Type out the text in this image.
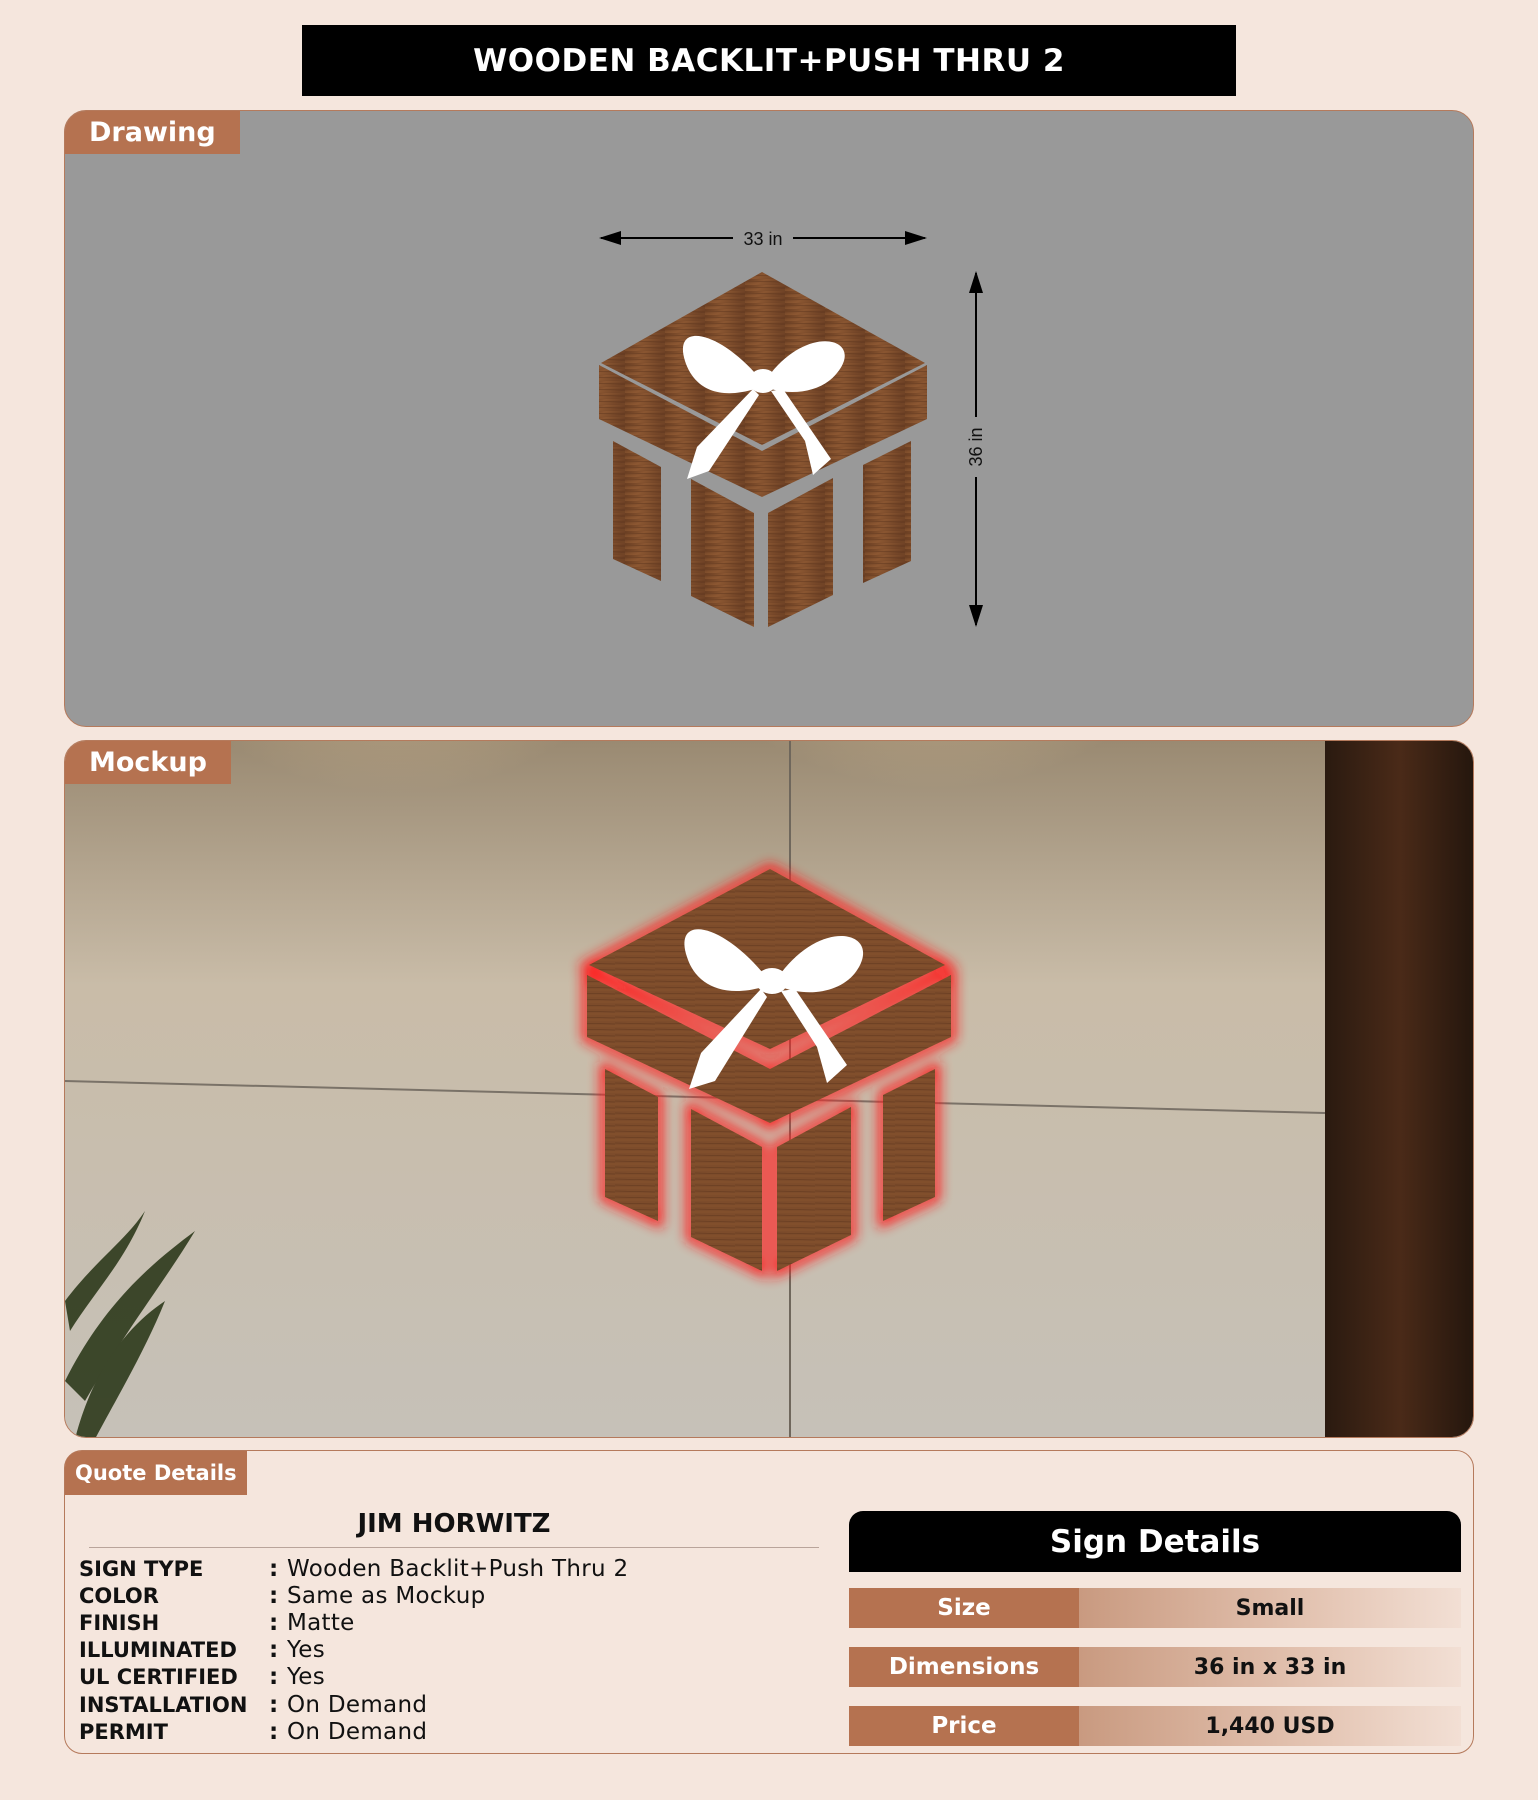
WOODEN BACKLIT+PUSH THRU 2
Drawing
33 in
36 in
Mockup
Quote Details
JIM HORWITZ
SIGN TYPE	: Wooden Backlit+Push Thru 2
COLOR	: Same as Mockup
FINISH	: Matte
ILLUMINATED	: Yes
UL CERTIFIED	: Yes
INSTALLATION : On Demand
PERMIT	: On Demand
Sign Details
Size	Small
Dimensions	36 in x 33 in
Price	1,440 USD
